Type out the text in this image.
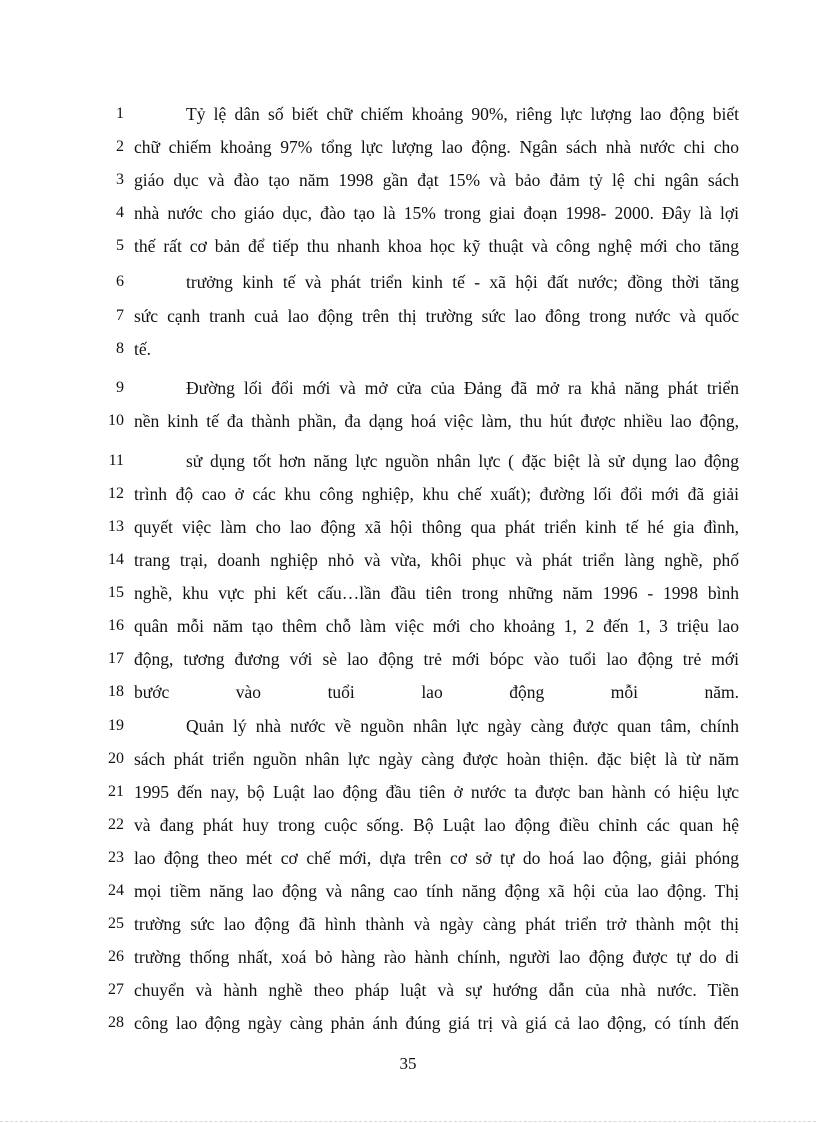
1	Tỷ lệ dân số biết chữ chiếm khoảng 90%, riêng lực lượng lao động biết
2 chữ chiếm khoảng 97% tổng lực lượng lao động. Ngân sách nhà nước chi cho
3 giáo dục và đào tạo năm 1998 gần đạt 15% và bảo đảm tỷ lệ chi ngân sách
4 nhà nước cho giáo dục, đào tạo là 15% trong giai đoạn 1998- 2000. Đây là lợi
5 thế rất cơ bản để tiếp thu nhanh khoa học kỹ thuật và công nghệ mới cho tăng
6	trưởng kinh tế và phát triển kinh tế - xã hội đất nước; đồng thời tăng
7 sức cạnh tranh cuả lao động trên thị trường sức lao đông trong nước và quốc
8 tế.
9	Đường lối đổi mới và mở cửa của Đảng đã mở ra khả năng phát triển
10 nền kinh tế đa thành phần, đa dạng hoá việc làm, thu hút được nhiều lao động,
11	sử dụng tốt hơn năng lực nguồn nhân lực ( đặc biệt là sử dụng lao động
12 trình độ cao ở các khu công nghiệp, khu chế xuất); đường lối đổi mới đã giải
13 quyết việc làm cho lao động xã hội thông qua phát triển kinh tế hé gia đình,
14 trang trại, doanh nghiệp nhỏ và vừa, khôi phục và phát triển làng nghề, phố
15 nghề, khu vực phi kết cấu…lần đầu tiên trong những năm 1996 - 1998 bình
16 quân mỗi năm tạo thêm chỗ làm việc mới cho khoảng 1, 2 đến 1, 3 triệu lao
17 động, tương đương với sè lao động trẻ mới bópc vào tuổi lao động trẻ mới
18 bước vào tuổi lao động mỗi năm.
19	Quản lý nhà nước về nguồn nhân lực ngày càng được quan tâm, chính
20 sách phát triển nguồn nhân lực ngày càng được hoàn thiện. đặc biệt là từ năm
21 1995 đến nay, bộ Luật lao động đầu tiên ở nước ta được ban hành có hiệu lực
22 và đang phát huy trong cuộc sống. Bộ Luật lao động điều chỉnh các quan hệ
23 lao động theo mét cơ chế mới, dựa trên cơ sở tự do hoá lao động, giải phóng
24 mọi tiềm năng lao động và nâng cao tính năng động xã hội của lao động. Thị
25 trường sức lao động đã hình thành và ngày càng phát triển trở thành một thị
26 trường thống nhất, xoá bỏ hàng rào hành chính, người lao động được tự do di
27 chuyển và hành nghề theo pháp luật và sự hướng dẫn của nhà nước. Tiền
28 công lao động ngày càng phản ánh đúng giá trị và giá cả lao động, có tính đến
35
